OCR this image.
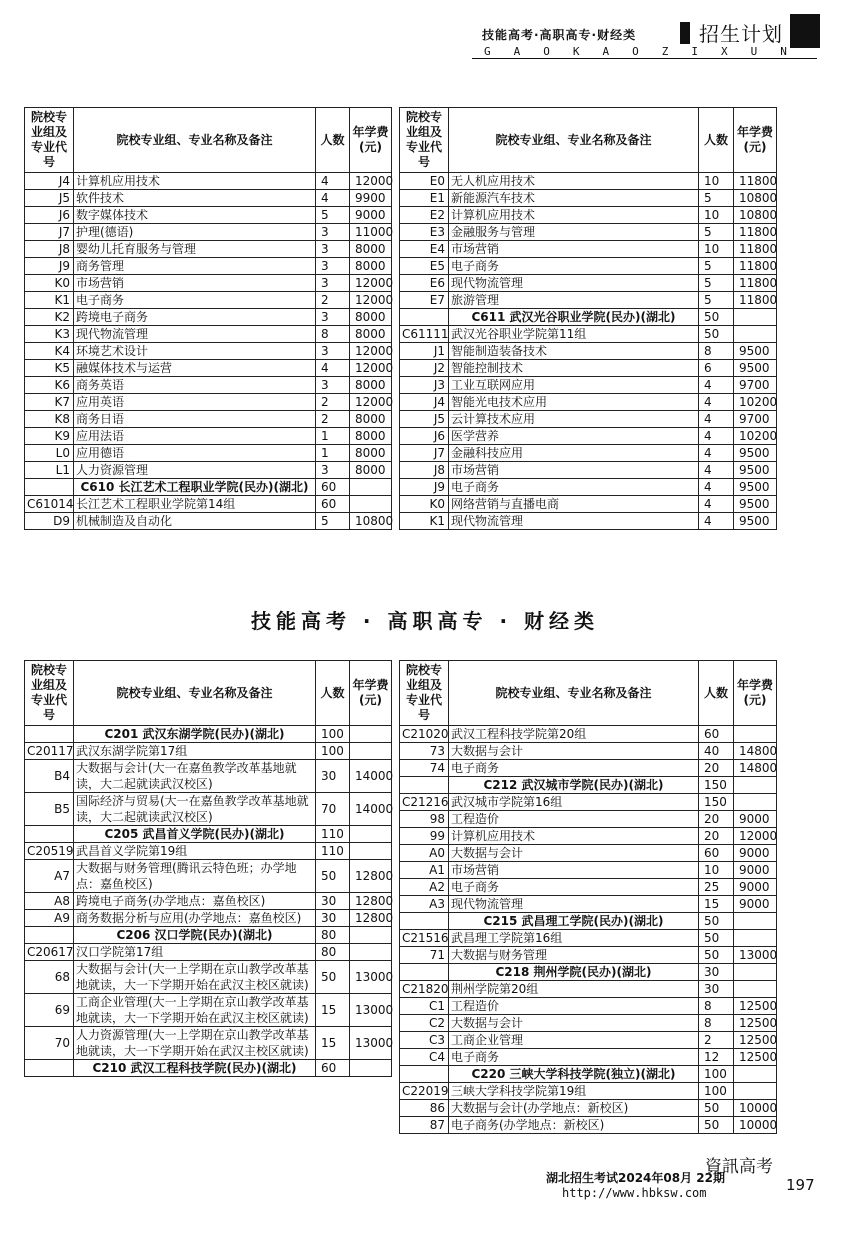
技能高考·高职高专·财经类	招生计划
GAOKAOZIXUN
院校专业组及专业代号	院校专业组、专业名称及备注	人数	年学费(元)
J4	计算机应用技术	4	12000
J5	软件技术	4	9900
J6	数字媒体技术	5	9000
J7	护理(德语)	3	11000
J8	婴幼儿托育服务与管理	3	8000
J9	商务管理	3	8000
K0	市场营销	3	12000
K1	电子商务	2	12000
K2	跨境电子商务	3	8000
K3	现代物流管理	8	8000
K4	环境艺术设计	3	12000
K5	融媒体技术与运营	4	12000
K6	商务英语	3	8000
K7	应用英语	2	12000
K8	商务日语	2	8000
K9	应用法语	1	8000
L0	应用德语	1	8000
L1	人力资源管理	3	8000
	C610 长江艺术工程职业学院(民办)(湖北)	60	
C61014	长江艺术工程职业学院第14组	60	
D9	机械制造及自动化	5	10800
院校专业组及专业代号	院校专业组、专业名称及备注	人数	年学费(元)
E0	无人机应用技术	10	11800
E1	新能源汽车技术	5	10800
E2	计算机应用技术	10	10800
E3	金融服务与管理	5	11800
E4	市场营销	10	11800
E5	电子商务	5	11800
E6	现代物流管理	5	11800
E7	旅游管理	5	11800
	C611 武汉光谷职业学院(民办)(湖北)	50	
C61111	武汉光谷职业学院第11组	50	
J1	智能制造装备技术	8	9500
J2	智能控制技术	6	9500
J3	工业互联网应用	4	9700
J4	智能光电技术应用	4	10200
J5	云计算技术应用	4	9700
J6	医学营养	4	10200
J7	金融科技应用	4	9500
J8	市场营销	4	9500
J9	电子商务	4	9500
K0	网络营销与直播电商	4	9500
K1	现代物流管理	4	9500
技能高考 · 高职高专 · 财经类
院校专业组及专业代号	院校专业组、专业名称及备注	人数	年学费(元)
	C201 武汉东湖学院(民办)(湖北)	100	
C20117	武汉东湖学院第17组	100	
B4	大数据与会计(大一在嘉鱼教学改革基地就读，大二起就读武汉校区)	30	14000
B5	国际经济与贸易(大一在嘉鱼教学改革基地就读，大二起就读武汉校区)	70	14000
	C205 武昌首义学院(民办)(湖北)	110	
C20519	武昌首义学院第19组	110	
A7	大数据与财务管理(腾讯云特色班；办学地点：嘉鱼校区)	50	12800
A8	跨境电子商务(办学地点：嘉鱼校区)	30	12800
A9	商务数据分析与应用(办学地点：嘉鱼校区)	30	12800
	C206 汉口学院(民办)(湖北)	80	
C20617	汉口学院第17组	80	
68	大数据与会计(大一上学期在京山教学改革基地就读，大一下学期开始在武汉主校区就读)	50	13000
69	工商企业管理(大一上学期在京山教学改革基地就读，大一下学期开始在武汉主校区就读)	15	13000
70	人力资源管理(大一上学期在京山教学改革基地就读，大一下学期开始在武汉主校区就读)	15	13000
	C210 武汉工程科技学院(民办)(湖北)	60	
院校专业组及专业代号	院校专业组、专业名称及备注	人数	年学费(元)
C21020	武汉工程科技学院第20组	60	
73	大数据与会计	40	14800
74	电子商务	20	14800
	C212 武汉城市学院(民办)(湖北)	150	
C21216	武汉城市学院第16组	150	
98	工程造价	20	9000
99	计算机应用技术	20	12000
A0	大数据与会计	60	9000
A1	市场营销	10	9000
A2	电子商务	25	9000
A3	现代物流管理	15	9000
	C215 武昌理工学院(民办)(湖北)	50	
C21516	武昌理工学院第16组	50	
71	大数据与财务管理	50	13000
	C218 荆州学院(民办)(湖北)	30	
C21820	荆州学院第20组	30	
C1	工程造价	8	12500
C2	大数据与会计	8	12500
C3	工商企业管理	2	12500
C4	电子商务	12	12500
	C220 三峡大学科技学院(独立)(湖北)	100	
C22019	三峡大学科技学院第19组	100	
86	大数据与会计(办学地点：新校区)	50	10000
87	电子商务(办学地点：新校区)	50	10000
湖北招生考试2024年08月 22期
http://www.hbksw.com
資訊高考
197
